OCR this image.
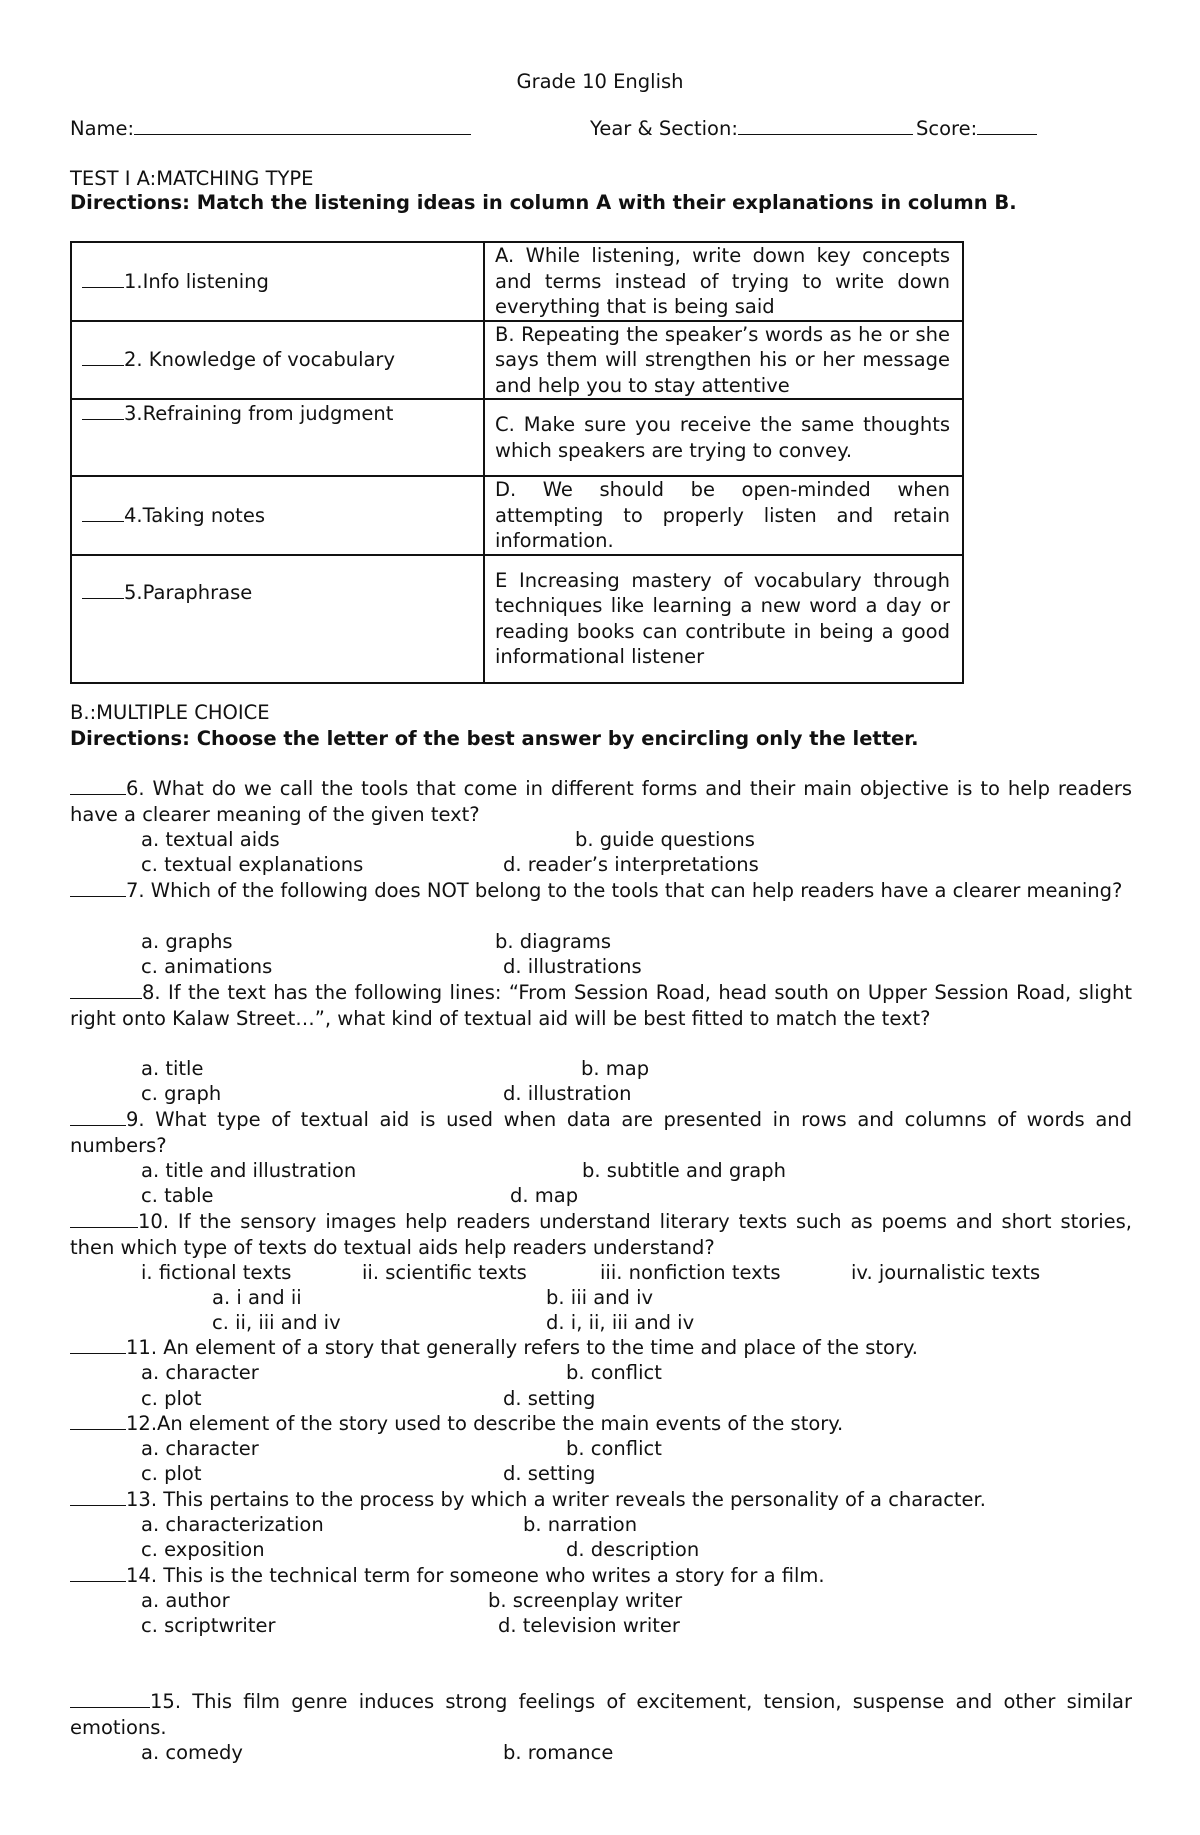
Grade 10 English
Name:	Year & Section:	Score:
TEST I A:MATCHING TYPE
Directions: Match the listening ideas in column A with their explanations in column B.
1.Info listening	A. While listening, write down key concepts and terms instead of trying to write down everything that is being said
2. Knowledge of vocabulary	B. Repeating the speaker’s words as he or she says them will strengthen his or her message and help you to stay attentive
3.Refraining from judgment	C. Make sure you receive the same thoughts which speakers are trying to convey.
4.Taking notes	D. We should be open-minded when attempting to properly listen and retain information.
5.Paraphrase	E Increasing mastery of vocabulary through techniques like learning a new word a day or reading books can contribute in being a good informational listener
B.:MULTIPLE CHOICE
Directions: Choose the letter of the best answer by encircling only the letter.
6. What do we call the tools that come in different forms and their main objective is to help readers have a clearer meaning of the given text?
a. textual aids	b. guide questions
c. textual explanations	d. reader’s interpretations
7. Which of the following does NOT belong to the tools that can help readers have a clearer meaning?
a. graphs	b. diagrams
c. animations	d. illustrations
8. If the text has the following lines: “From Session Road, head south on Upper Session Road, slight right onto Kalaw Street…”, what kind of textual aid will be best fitted to match the text?
a. title	b. map
c. graph	d. illustration
9. What type of textual aid is used when data are presented in rows and columns of words and numbers?
a. title and illustration	b. subtitle and graph
c. table	d. map
10. If the sensory images help readers understand literary texts such as poems and short stories, then which type of texts do textual aids help readers understand?
i. fictional texts	ii. scientific texts	iii. nonfiction texts	iv. journalistic texts
a. i and ii	b. iii and iv
c. ii, iii and iv	d. i, ii, iii and iv
11. An element of a story that generally refers to the time and place of the story.
a. character	b. conflict
c. plot	d. setting
12.An element of the story used to describe the main events of the story.
a. character	b. conflict
c. plot	d. setting
13. This pertains to the process by which a writer reveals the personality of a character.
a. characterization	b. narration
c. exposition	d. description
14. This is the technical term for someone who writes a story for a film.
a. author	b. screenplay writer
c. scriptwriter	d. television writer
15. This film genre induces strong feelings of excitement, tension, suspense and other similar emotions.
a. comedy	b. romance
